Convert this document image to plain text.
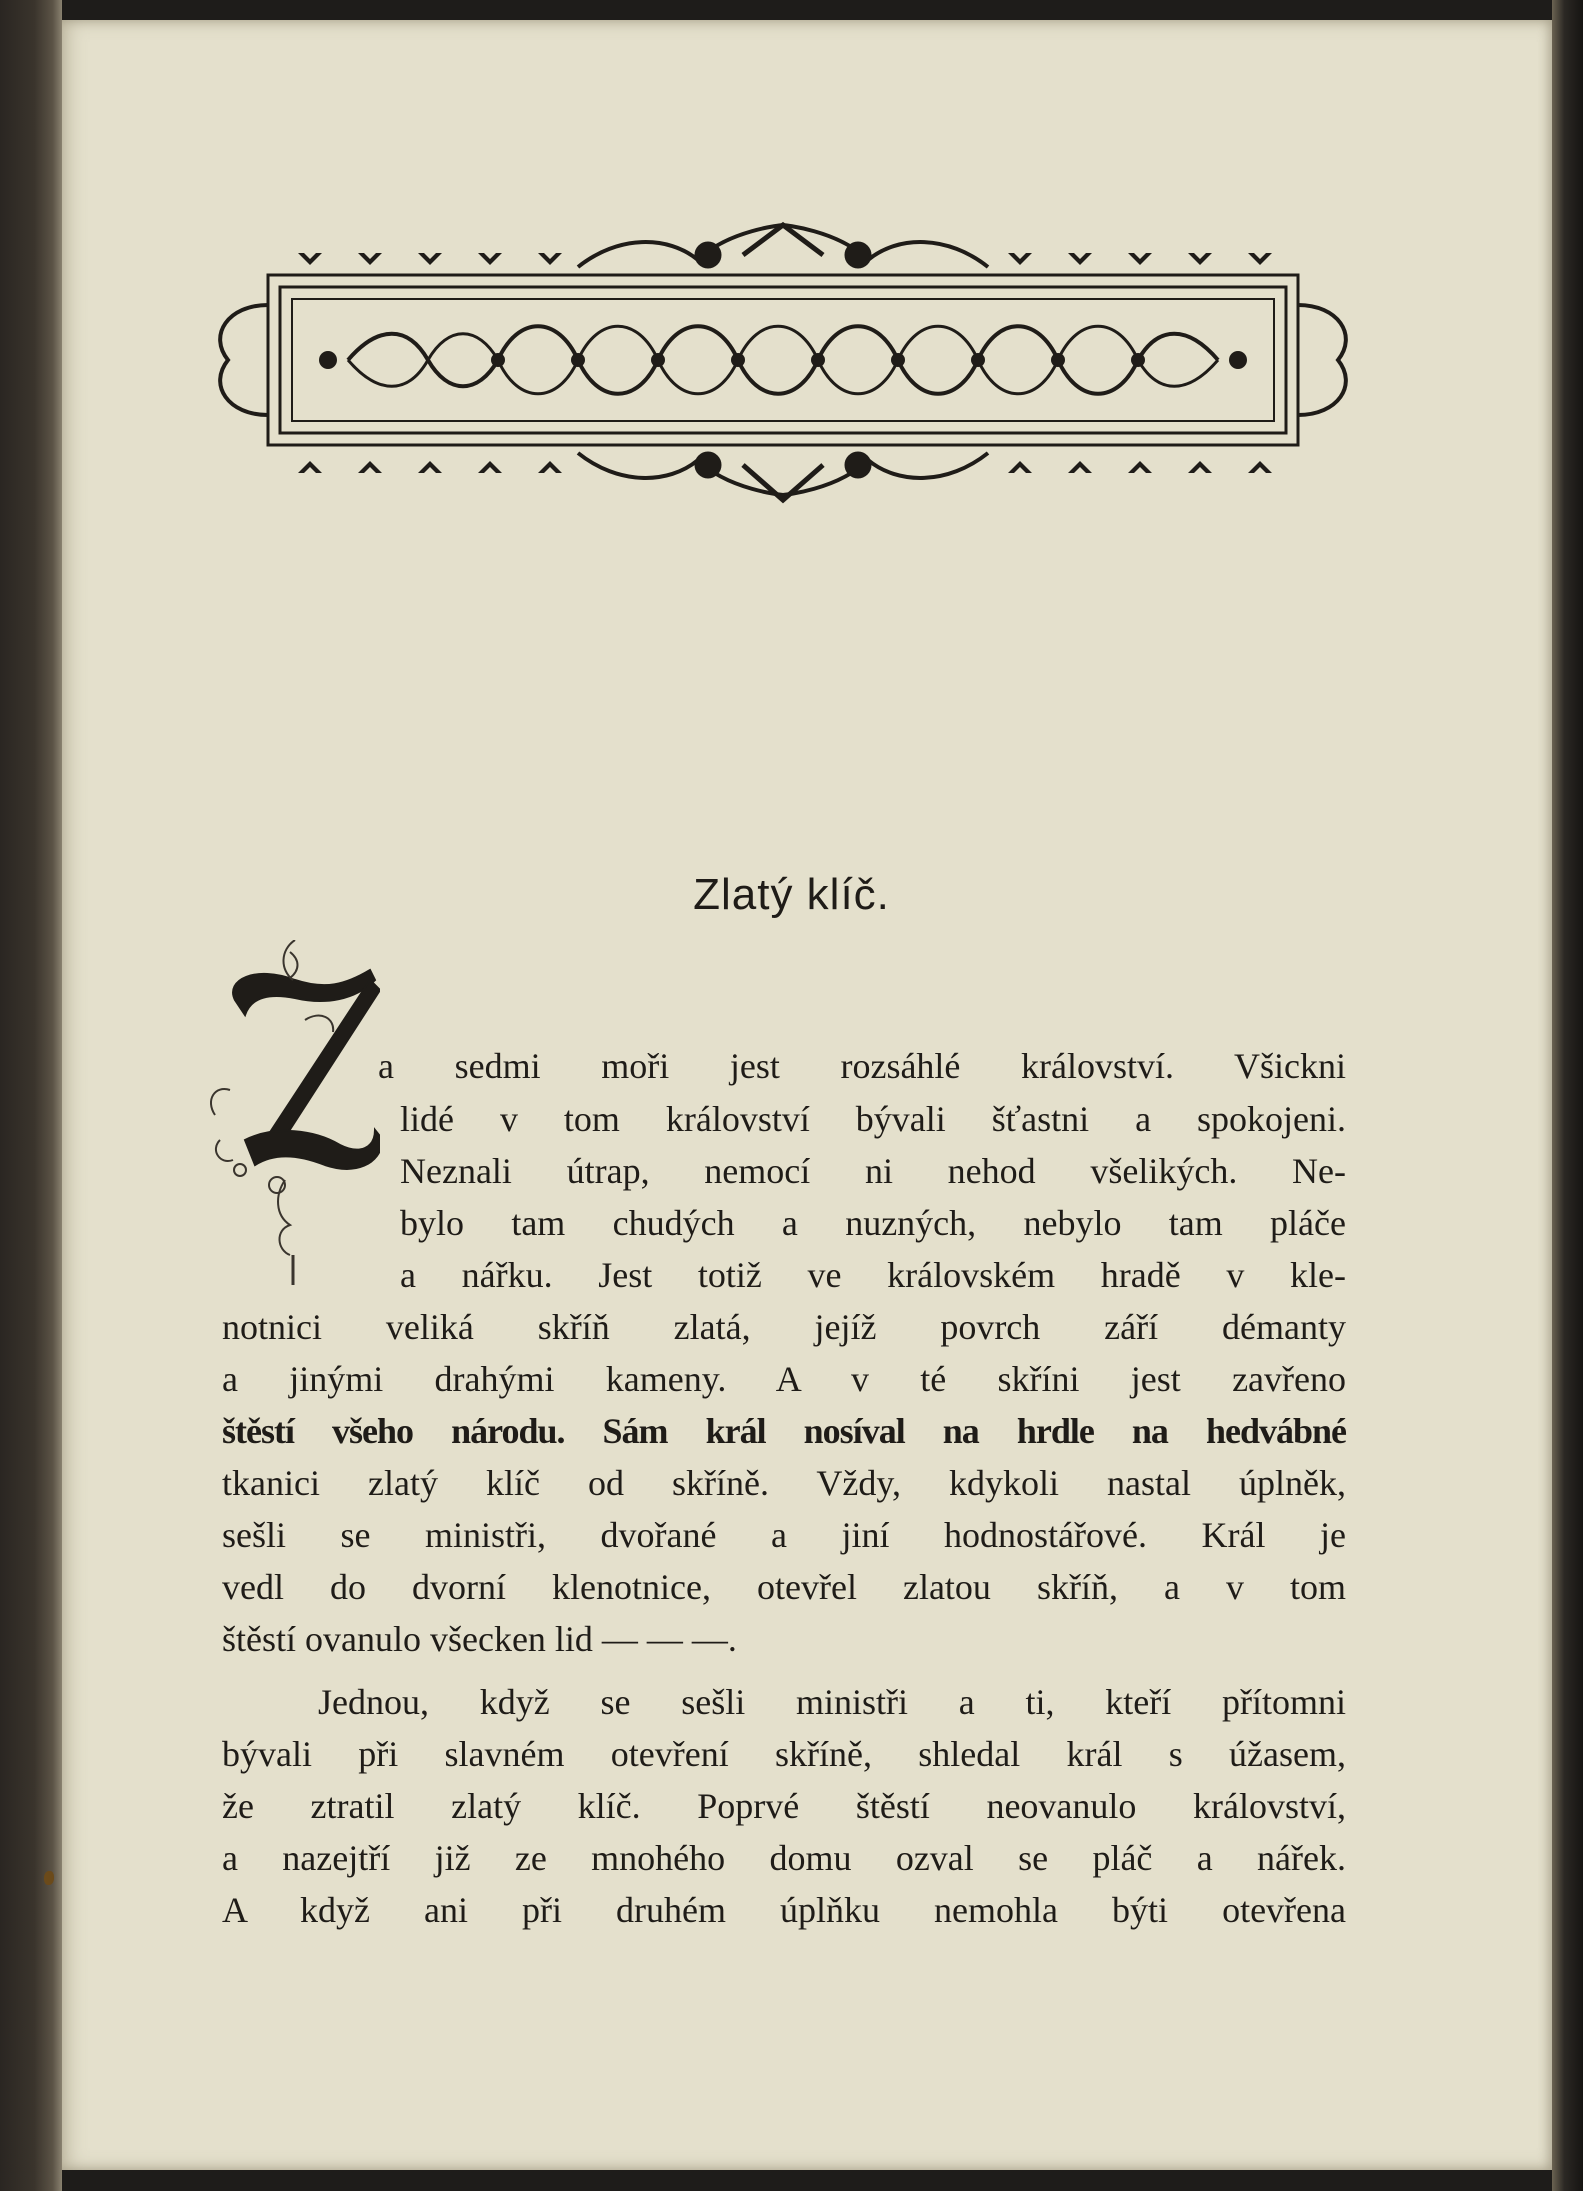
Zlatý klíč.
a sedmi moři jest rozsáhlé království. Všickni
lidé v tom království bývali šťastni a spokojeni.
Neznali útrap, nemocí ni nehod všelikých. Ne-
bylo tam chudých a nuzných, nebylo tam pláče
a nářku. Jest totiž ve královském hradě v kle-
notnici veliká skříň zlatá, jejíž povrch září démanty
a jinými drahými kameny. A v té skříni jest zavřeno
štěstí všeho národu. Sám král nosíval na hrdle na hedvábné
tkanici zlatý klíč od skříně. Vždy, kdykoli nastal úplněk,
sešli se ministři, dvořané a jiní hodnostářové. Král je
vedl do dvorní klenotnice, otevřel zlatou skříň, a v tom
štěstí ovanulo všecken lid — — —.
Jednou, když se sešli ministři a ti, kteří přítomni
bývali při slavném otevření skříně, shledal král s úžasem,
že ztratil zlatý klíč. Poprvé štěstí neovanulo království,
a nazejtří již ze mnohého domu ozval se pláč a nářek.
A když ani při druhém úplňku nemohla býti otevřena
